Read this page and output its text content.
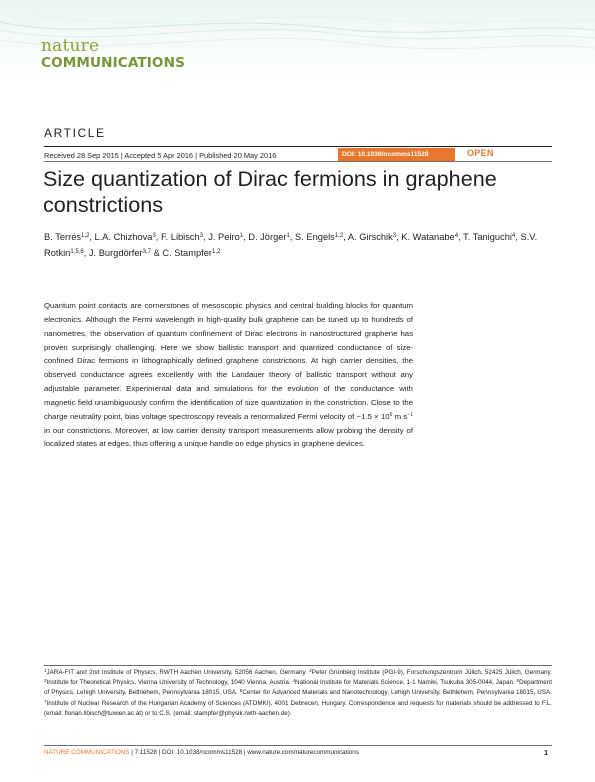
nature
COMMUNICATIONS
ARTICLE
Received 28 Sep 2015 | Accepted 5 Apr 2016 | Published 20 May 2016	DOI: 10.1038/ncomms11528	OPEN
Size quantization of Dirac fermions in graphene constrictions
B. Terrés$^{1,2}$, L.A. Chizhova$^3$, F. Libisch$^3$, J. Peiro$^1$, D. Jörger$^1$, S. Engels$^{1,2}$, A. Girschik$^3$, K. Watanabe$^4$, T. Taniguchi$^4$, S.V. Rotkin$^{1,5,6}$, J. Burgdörfer$^{3,7}$ & C. Stampfer$^{1,2}$
Quantum point contacts are cornerstones of mesoscopic physics and central building blocks for quantum electronics. Although the Fermi wavelength in high-quality bulk graphene can be tuned up to hundreds of nanometres, the observation of quantum confinement of Dirac electrons in nanostructured graphene has proven surprisingly challenging. Here we show ballistic transport and quantized conductance of size-confined Dirac fermions in lithographically defined graphene constrictions. At high carrier densities, the observed conductance agrees excellently with the Landauer theory of ballistic transport without any adjustable parameter. Experimental data and simulations for the evolution of the conductance with magnetic field unambiguously confirm the identification of size quantization in the constriction. Close to the charge neutrality point, bias voltage spectroscopy reveals a renormalized Fermi velocity of ~1.5 × $10^6$ m $s^{-1}$ in our constrictions. Moreover, at low carrier density transport measurements allow probing the density of localized states at edges, thus offering a unique handle on edge physics in graphene devices.
$^1$JARA-FIT and 2nd Institute of Physics, RWTH Aachen University, 52056 Aachen, Germany. $^2$Peter Grünberg Institute (PGI-9), Forschungszentrum Jülich, 52425 Jülich, Germany. $^3$Institute for Theoretical Physics, Vienna University of Technology, 1040 Vienna, Austria. $^4$National Institute for Materials Science, 1-1 Namiki, Tsukuba 305-0044, Japan. $^5$Department of Physics, Lehigh University, Bethlehem, Pennsylvania 18015, USA. $^6$Center for Advanced Materials and Nanotechnology, Lehigh University, Bethlehem, Pennsylvania 18015, USA. $^7$Institute of Nuclear Research of the Hungarian Academy of Sciences (ATOMKI), 4001 Debrecen, Hungary. Correspondence and requests for materials should be addressed to F.L. (email: florian.libisch@tuwien.ac.at) or to C.S. (email: stampfer@physik.rwth-aachen.de).
NATURE COMMUNICATIONS | 7:11528 | DOI: 10.1038/ncomms11528 | www.nature.com/naturecommunications	1
